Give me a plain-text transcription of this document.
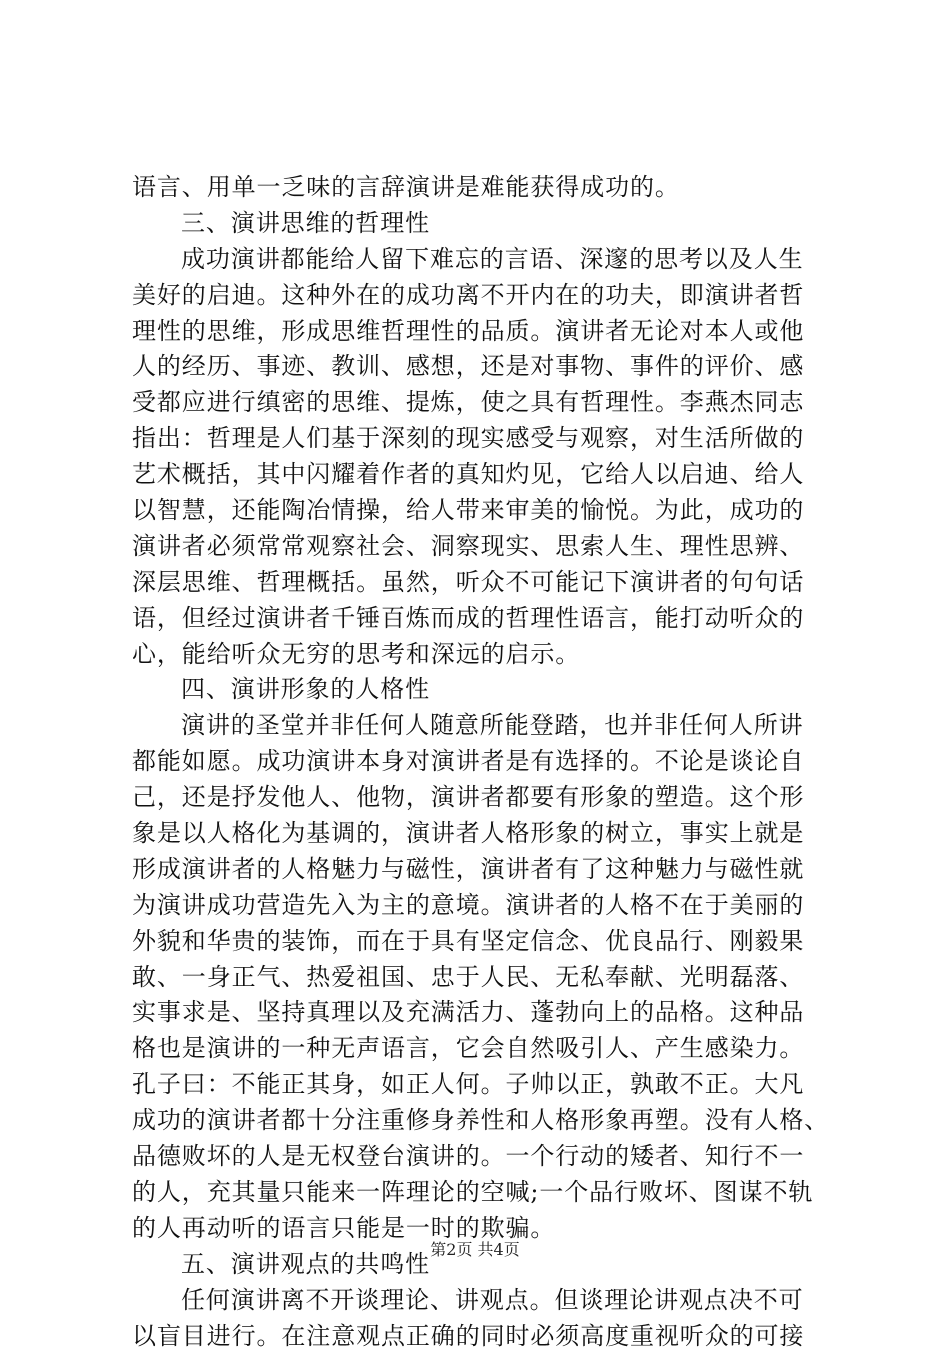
语言、用单一乏味的言辞演讲是难能获得成功的。
三、演讲思维的哲理性
成功演讲都能给人留下难忘的言语、深邃的思考以及人生
美好的启迪。这种外在的成功离不开内在的功夫，即演讲者哲
理性的思维，形成思维哲理性的品质。演讲者无论对本人或他
人的经历、事迹、教训、感想，还是对事物、事件的评价、感
受都应进行缜密的思维、提炼，使之具有哲理性。李燕杰同志
指出：哲理是人们基于深刻的现实感受与观察，对生活所做的
艺术概括，其中闪耀着作者的真知灼见，它给人以启迪、给人
以智慧，还能陶冶情操，给人带来审美的愉悦。为此，成功的
演讲者必须常常观察社会、洞察现实、思索人生、理性思辨、
深层思维、哲理概括。虽然，听众不可能记下演讲者的句句话
语，但经过演讲者千锤百炼而成的哲理性语言，能打动听众的
心，能给听众无穷的思考和深远的启示。
四、演讲形象的人格性
演讲的圣堂并非任何人随意所能登踏，也并非任何人所讲
都能如愿。成功演讲本身对演讲者是有选择的。不论是谈论自
己，还是抒发他人、他物，演讲者都要有形象的塑造。这个形
象是以人格化为基调的，演讲者人格形象的树立，事实上就是
形成演讲者的人格魅力与磁性，演讲者有了这种魅力与磁性就
为演讲成功营造先入为主的意境。演讲者的人格不在于美丽的
外貌和华贵的装饰，而在于具有坚定信念、优良品行、刚毅果
敢、一身正气、热爱祖国、忠于人民、无私奉献、光明磊落、
实事求是、坚持真理以及充满活力、蓬勃向上的品格。这种品
格也是演讲的一种无声语言，它会自然吸引人、产生感染力。
孔子曰：不能正其身，如正人何。子帅以正，孰敢不正。大凡
成功的演讲者都十分注重修身养性和人格形象再塑。没有人格、
品德败坏的人是无权登台演讲的。一个行动的矮者、知行不一
的人，充其量只能来一阵理论的空喊;一个品行败坏、图谋不轨
的人再动听的语言只能是一时的欺骗。
五、演讲观点的共鸣性
任何演讲离不开谈理论、讲观点。但谈理论讲观点决不可
以盲目进行。在注意观点正确的同时必须高度重视听众的可接
第2页 共4页
